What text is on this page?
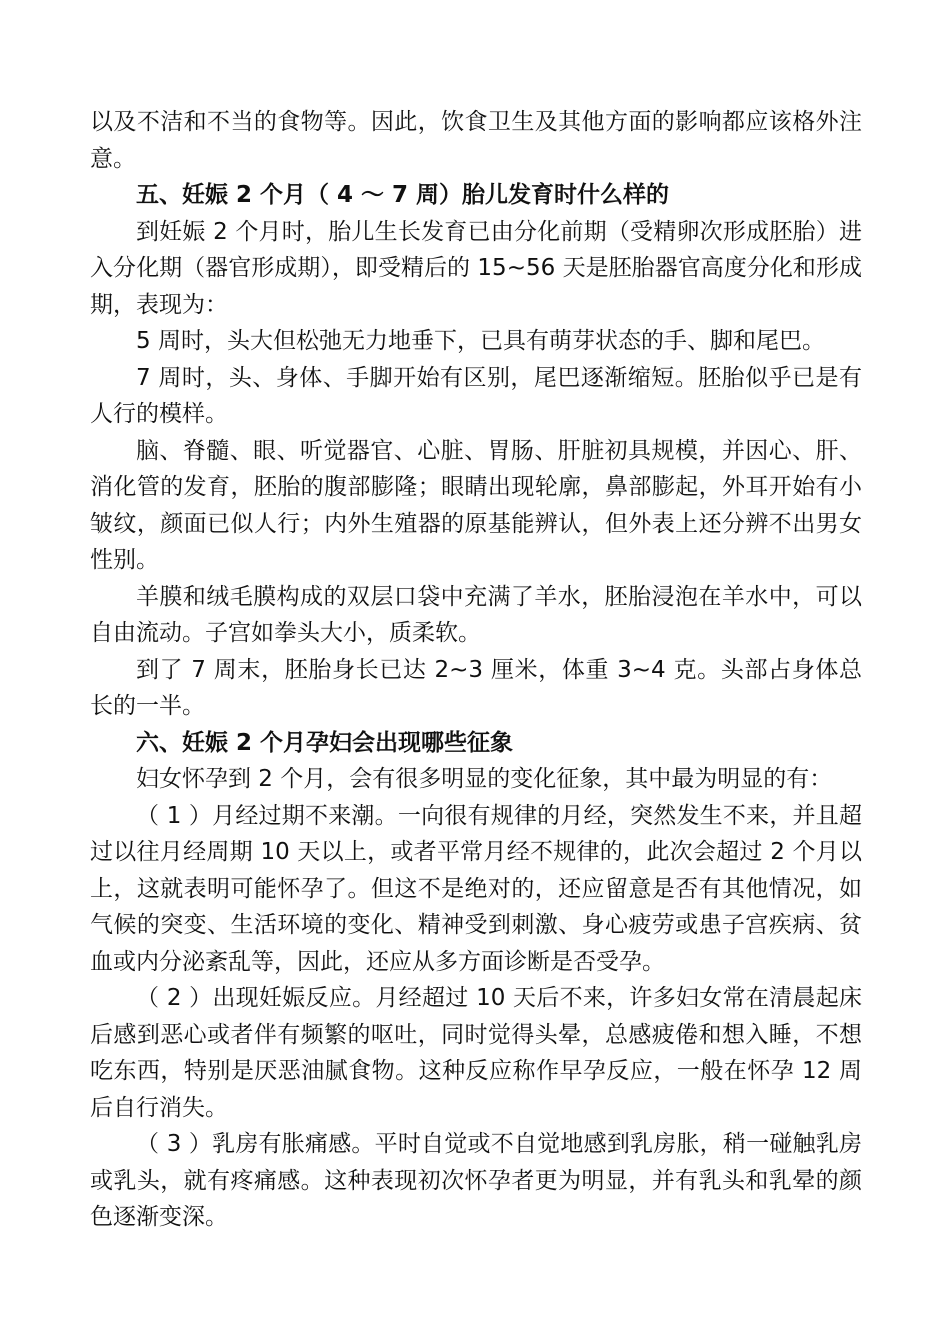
以及不洁和不当的食物等。因此，饮食卫生及其他方面的影响都应该格外注意。

五、妊娠 2 个月（ 4 ～ 7 周）胎儿发育时什么样的

到妊娠 2 个月时，胎儿生长发育已由分化前期（受精卵次形成胚胎）进入分化期（器官形成期），即受精后的 15~56 天是胚胎器官高度分化和形成期，表现为：

5 周时，头大但松弛无力地垂下，已具有萌芽状态的手、脚和尾巴。

7 周时，头、身体、手脚开始有区别，尾巴逐渐缩短。胚胎似乎已是有人行的模样。

脑、脊髓、眼、听觉器官、心脏、胃肠、肝脏初具规模，并因心、肝、消化管的发育，胚胎的腹部膨隆；眼睛出现轮廓，鼻部膨起，外耳开始有小皱纹，颜面已似人行；内外生殖器的原基能辨认，但外表上还分辨不出男女性别。

羊膜和绒毛膜构成的双层口袋中充满了羊水，胚胎浸泡在羊水中，可以自由流动。子宫如拳头大小，质柔软。

到了 7 周末，胚胎身长已达 2~3 厘米，体重 3~4 克。头部占身体总长的一半。

六、妊娠 2 个月孕妇会出现哪些征象

妇女怀孕到 2 个月，会有很多明显的变化征象，其中最为明显的有：

（ 1 ）月经过期不来潮。一向很有规律的月经，突然发生不来，并且超过以往月经周期 10 天以上，或者平常月经不规律的，此次会超过 2 个月以上，这就表明可能怀孕了。但这不是绝对的，还应留意是否有其他情况，如气候的突变、生活环境的变化、精神受到刺激、身心疲劳或患子宫疾病、贫血或内分泌紊乱等，因此，还应从多方面诊断是否受孕。

（ 2 ）出现妊娠反应。月经超过 10 天后不来，许多妇女常在清晨起床后感到恶心或者伴有频繁的呕吐，同时觉得头晕，总感疲倦和想入睡，不想吃东西，特别是厌恶油腻食物。这种反应称作早孕反应，一般在怀孕 12 周后自行消失。

（ 3 ）乳房有胀痛感。平时自觉或不自觉地感到乳房胀，稍一碰触乳房或乳头，就有疼痛感。这种表现初次怀孕者更为明显，并有乳头和乳晕的颜色逐渐变深。
